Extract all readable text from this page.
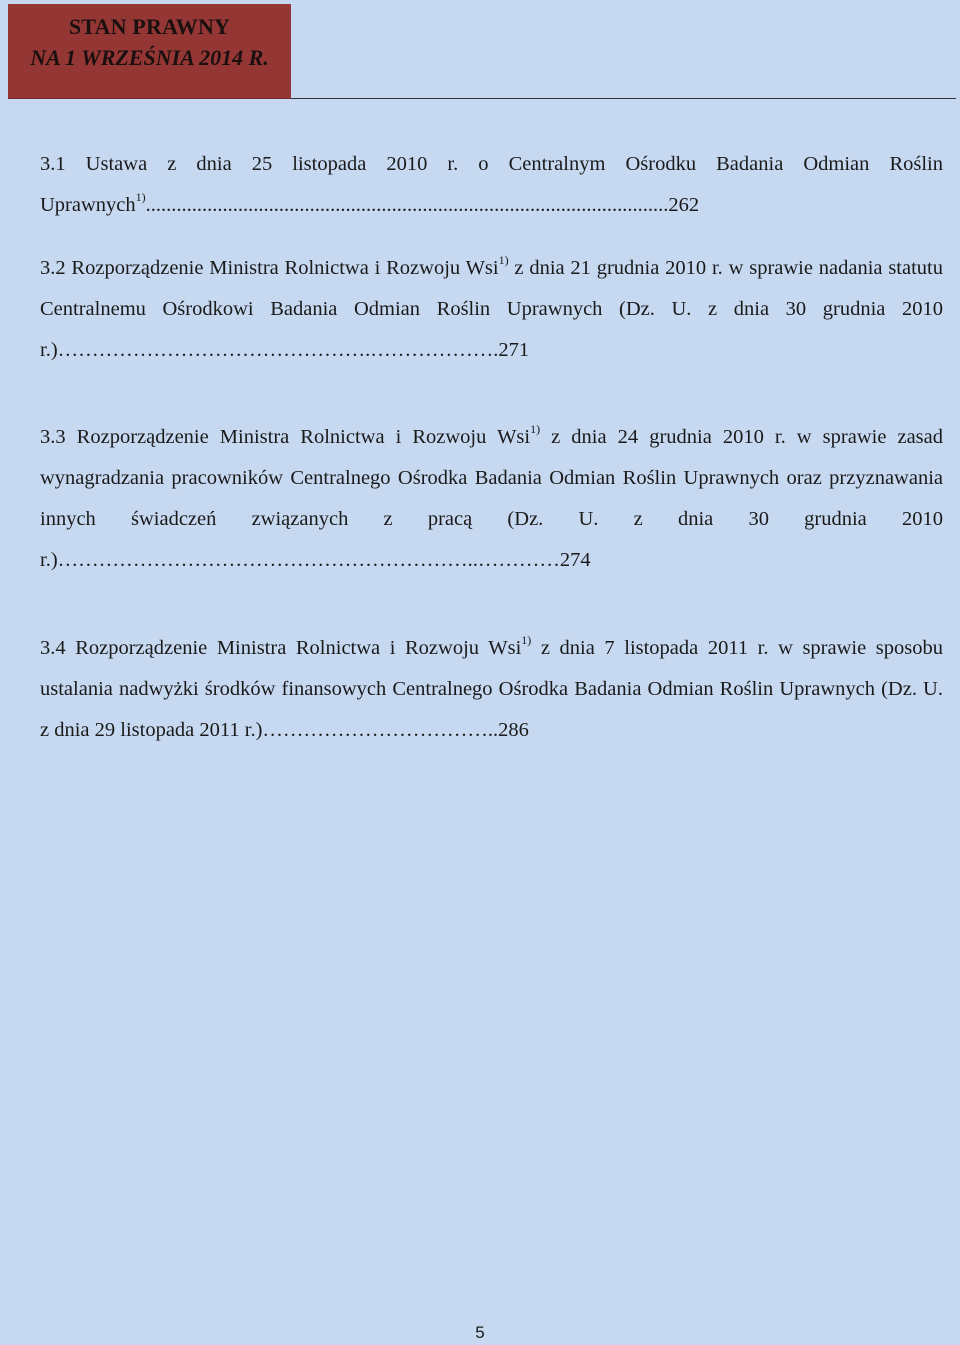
STAN PRAWNY
NA 1 WRZEŚNIA 2014 R.
3.1 Ustawa z dnia 25 listopada 2010 r. o Centralnym Ośrodku Badania Odmian Roślin Uprawnych$^{1)}$......................................................................................................262
3.2 Rozporządzenie Ministra Rolnictwa i Rozwoju Wsi$^{1)}$ z dnia 21 grudnia 2010 r. w sprawie nadania statutu Centralnemu Ośrodkowi Badania Odmian Roślin Uprawnych (Dz. U. z dnia 30 grudnia 2010 r.)……………………………………….……………….271
3.3 Rozporządzenie Ministra Rolnictwa i Rozwoju Wsi$^{1)}$ z dnia 24 grudnia 2010 r. w sprawie zasad wynagradzania pracowników Centralnego Ośrodka Badania Odmian Roślin Uprawnych oraz przyznawania innych świadczeń związanych z pracą (Dz. U. z dnia 30 grudnia 2010 r.)……………………………………………………..…………274
3.4 Rozporządzenie Ministra Rolnictwa i Rozwoju Wsi$^{1)}$ z dnia 7 listopada 2011 r. w sprawie sposobu ustalania nadwyżki środków finansowych Centralnego Ośrodka Badania Odmian Roślin Uprawnych (Dz. U. z dnia 29 listopada 2011 r.)……………………………..286
5
